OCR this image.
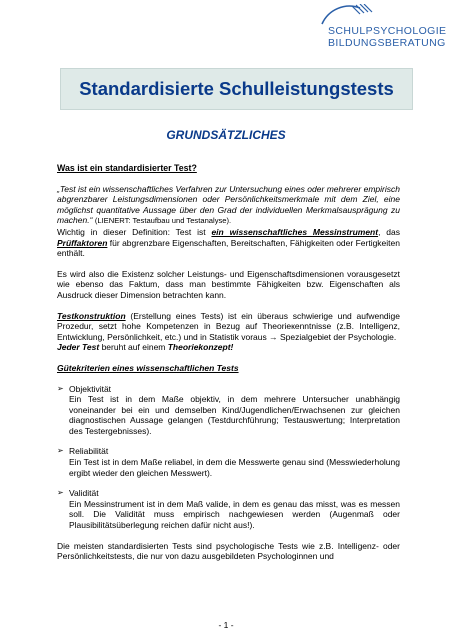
SCHULPSYCHOLOGIE
BILDUNGSBERATUNG
Standardisierte Schulleistungstests
GRUNDSÄTZLICHES

Was ist ein standardisierter Test?

„Test ist ein wissenschaftliches Verfahren zur Untersuchung eines oder mehrerer empirisch abgrenzbarer Leistungsdimensionen oder Persönlichkeitsmerkmale mit dem Ziel, eine möglichst quantitative Aussage über den Grad der individuellen Merkmalsausprägung zu machen.“ (LIENERT: Testaufbau und Testanalyse).
Wichtig in dieser Definition: Test ist ein wissenschaftliches Messinstrument, das Prüffaktoren für abgrenzbare Eigenschaften, Bereitschaften, Fähigkeiten oder Fertigkeiten enthält.

Es wird also die Existenz solcher Leistungs- und Eigenschaftsdimensionen vorausgesetzt wie ebenso das Faktum, dass man bestimmte Fähigkeiten bzw. Eigenschaften als Ausdruck dieser Dimension betrachten kann.

Testkonstruktion (Erstellung eines Tests) ist ein überaus schwierige und aufwendige Prozedur, setzt hohe Kompetenzen in Bezug auf Theorieкenntnisse (z.B. Intelligenz, Entwicklung, Persönlichkeit, etc.) und in Statistik voraus → Spezialgebiet der Psychologie.
Jeder Test beruht auf einem Theoriekonzept!

Gütekriterien eines wissenschaftlichen Tests

➢ Objektivität

Ein Test ist in dem Maße objektiv, in dem mehrere Untersucher unabhängig voneinander bei ein und demselben Kind/Jugendlichen/Erwachsenen zur gleichen diagnostischen Aussage gelangen (Testdurchführung; Testauswertung; Interpretation des Testergebnisses).

➢ Reliabilität

Ein Test ist in dem Maße reliabel, in dem die Messwerte genau sind (Messwiederholung ergibt wieder den gleichen Messwert).

➢ Validität

Ein Messinstrument ist in dem Maß valide, in dem es genau das misst, was es messen soll. Die Validität muss empirisch nachgewiesen werden (Augenmaß oder Plausibilitätsüberlegung reichen dafür nicht aus!).

Die meisten standardisierten Tests sind psychologische Tests wie z.B. Intelligenz- oder Persönlichkeitstests, die nur von dazu ausgebildeten Psychologinnen und

- 1 -
